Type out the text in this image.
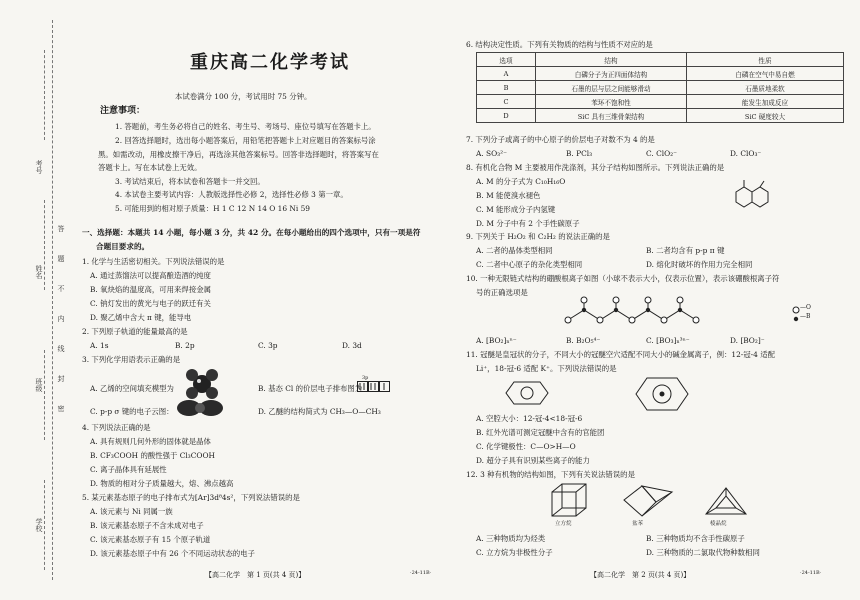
考号
姓名
班级
学校
答
题
不
内
线
封
密
重庆高二化学考试
本试卷满分 100 分，考试用时 75 分钟。
注意事项：
1. 答题前，考生务必将自己的姓名、考生号、考场号、座位号填写在答题卡上。
2. 回答选择题时，选出每小题答案后，用铅笔把答题卡上对应题目的答案标号涂
黑。如需改动，用橡皮擦干净后，再选涂其他答案标号。回答非选择题时，将答案写在
答题卡上。写在本试卷上无效。
3. 考试结束后，将本试卷和答题卡一并交回。
4. 本试卷主要考试内容：人教版选择性必修 2，选择性必修 3 第一章。
5. 可能用到的相对原子质量：H 1 C 12 N 14 O 16 Ni 59
一、选择题：本题共 14 小题，每小题 3 分，共 42 分。在每小题给出的四个选项中，只有一项是符
合题目要求的。
1. 化学与生活密切相关。下列说法错误的是
A. 通过蒸馏法可以提高酿造酒的纯度
B. 氧炔焰的温度高，可用来焊接金属
C. 钠灯发出的黄光与电子的跃迁有关
D. 聚乙烯中含大 π 键，能导电
2. 下列原子轨道的能量最高的是
A. 1s	B. 2p	C. 3p	D. 3d
3. 下列化学用语表示正确的是
A. 乙烯的空间填充模型为	B. 基态 Cl 的价层电子排布图为
3p
C. p-p σ 键的电子云图：	D. 乙醚的结构简式为 CH₃—O—CH₃
4. 下列说法正确的是
A. 具有规则几何外形的固体就是晶体
B. CF₃COOH 的酸性强于 Cl₃COOH
C. 离子晶体具有延展性
D. 物质的相对分子质量越大，熔、沸点越高
5. 某元素基态原子的电子排布式为[Ar]3d⁸4s²，下列说法错误的是
A. 该元素与 Ni 同属一族
B. 该元素基态原子不含未成对电子
C. 该元素基态原子有 15 个原子轨道
D. 该元素基态原子中有 26 个不同运动状态的电子
【高二化学　第 1 页(共 4 页)】	·24-11B·
6. 结构决定性质。下列有关物质的结构与性质不对应的是
选项	结构	性质
A	白磷分子为正四面体结构	白磷在空气中易自燃
B	石墨的层与层之间能够滑动	石墨质地柔软
C	苯环不饱和性	能发生加成反应
D	SiC 具有三维骨架结构	SiC 硬度较大
7. 下列分子或离子的中心原子的价层电子对数不为 4 的是
A. SO₃²⁻	B. PCl₃	C. ClO₂⁻	D. ClO₃⁻
8. 有机化合物 M 主要被用作洗涤剂，其分子结构如图所示。下列说法正确的是
A. M 的分子式为 C₁₀H₁₆O
B. M 能使溴水褪色
C. M 能形成分子内氢键
D. M 分子中有 2 个手性碳原子
9. 下列关于 H₂O₂ 和 C₂H₂ 的说法正确的是
A. 二者的晶体类型相同	B. 二者均含有 p-p π 键
C. 二者中心原子的杂化类型相同	D. 熔化时破坏的作用力完全相同
10. 一种无限链式结构的硼酸根离子如图（小球不表示大小，仅表示位置），表示该硼酸根离子符
号的正确选项是
—O
—B
A. [BO₂]ₙⁿ⁻	B. B₂O₅⁴⁻	C. [BO₃]ₙ³ⁿ⁻	D. [BO₂]⁻
11. 冠醚是皇冠状的分子，不同大小的冠醚空穴适配不同大小的碱金属离子，例：12-冠-4 适配
Li⁺，18-冠-6 适配 K⁺。下列说法错误的是
A. 空腔大小：12-冠-4<18-冠-6
B. 红外光谱可测定冠醚中含有的官能团
C. 化学键极性：C—O>H—O
D. 超分子具有识别某些离子的能力
12. 3 种有机物的结构如图，下列有关说法错误的是
立方烷	盆苯	棱晶烷
A. 三种物质均为烃类	B. 三种物质均不含手性碳原子
C. 立方烷为非极性分子	D. 三种物质的二氯取代物种数相同
【高二化学　第 2 页(共 4 页)】	·24-11B·
